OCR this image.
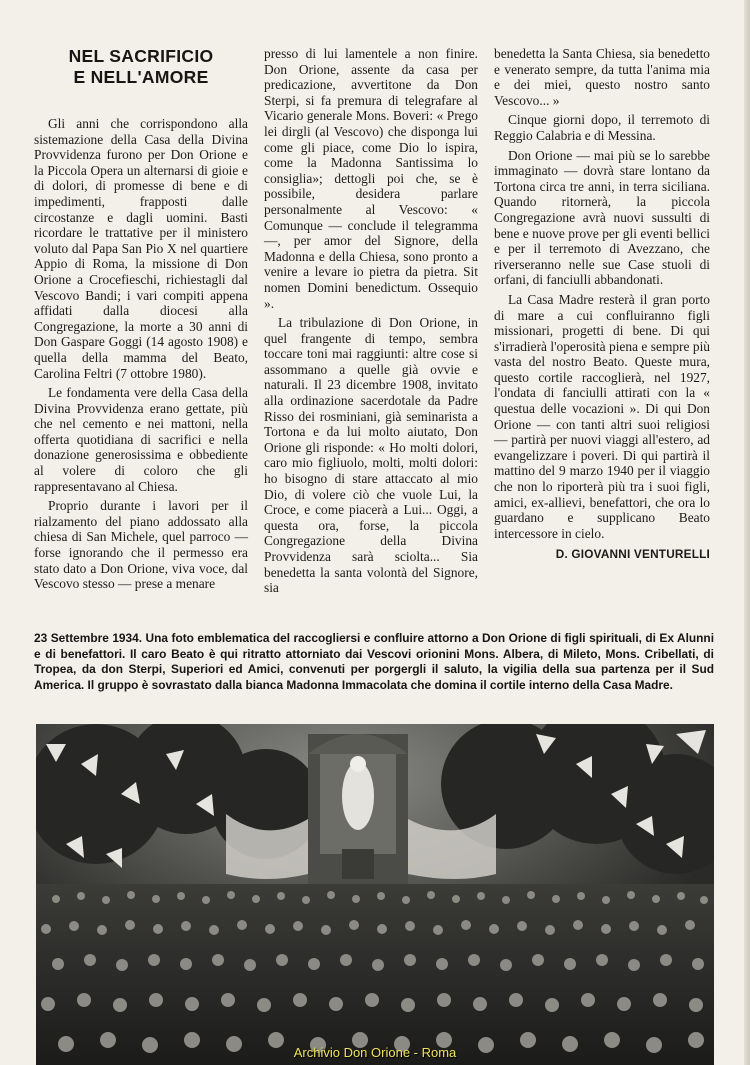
NEL SACRIFICIO
E NELL'AMORE

Gli anni che corrispondono alla sistemazione della Casa della Divina Provvidenza furono per Don Orione e la Piccola Opera un alternarsi di gioie e di dolori, di promesse di bene e di impedimenti, frapposti dalle circostanze e dagli uomini. Basti ricordare le trattative per il ministero voluto dal Papa San Pio X nel quartiere Appio di Roma, la missione di Don Orione a Crocefieschi, richiestagli dal Vescovo Bandi; i vari compiti appena affidati dalla diocesi alla Congregazione, la morte a 30 anni di Don Gaspare Goggi (14 agosto 1908) e quella della mamma del Beato, Carolina Feltri (7 ottobre 1980).

Le fondamenta vere della Casa della Divina Provvidenza erano gettate, più che nel cemento e nei mattoni, nella offerta quotidiana di sacrifici e nella donazione generosissima e obbediente al volere di coloro che gli rappresentavano al Chiesa.

Proprio durante i lavori per il rialzamento del piano addossato alla chiesa di San Michele, quel parroco — forse ignorando che il permesso era stato dato a Don Orione, viva voce, dal Vescovo stesso — prese a menare

presso di lui lamentele a non finire. Don Orione, assente da casa per predicazione, avvertitone da Don Sterpi, si fa premura di telegrafare al Vicario generale Mons. Boveri: « Prego lei dirgli (al Vescovo) che disponga lui come gli piace, come Dio lo ispira, come la Madonna Santissima lo consiglia»; dettogli poi che, se è possibile, desidera parlare personalmente al Vescovo: « Comunque — conclude il telegramma —, per amor del Signore, della Madonna e della Chiesa, sono pronto a venire a levare io pietra da pietra. Sit nomen Domini benedictum. Ossequio ».

La tribulazione di Don Orione, in quel frangente di tempo, sembra toccare toni mai raggiunti: altre cose si assommano a quelle già ovvie e naturali. Il 23 dicembre 1908, invitato alla ordinazione sacerdotale da Padre Risso dei rosminiani, già seminarista a Tortona e da lui molto aiutato, Don Orione gli risponde: « Ho molti dolori, caro mio figliuolo, molti, molti dolori: ho bisogno di stare attaccato al mio Dio, di volere ciò che vuole Lui, la Croce, e come piacerà a Lui... Oggi, a questa ora, forse, la piccola Congregazione della Divina Provvidenza sarà sciolta... Sia benedetta la santa volontà del Signore, sia

benedetta la Santa Chiesa, sia benedetto e venerato sempre, da tutta l'anima mia e dei miei, questo nostro santo Vescovo... »

Cinque giorni dopo, il terremoto di Reggio Calabria e di Messina.

Don Orione — mai più se lo sarebbe immaginato — dovrà stare lontano da Tortona circa tre anni, in terra siciliana. Quando ritornerà, la piccola Congregazione avrà nuovi sussulti di bene e nuove prove per gli eventi bellici e per il terremoto di Avezzano, che riverseranno nelle sue Case stuoli di orfani, di fanciulli abbandonati.

La Casa Madre resterà il gran porto di mare a cui confluiranno figli missionari, progetti di bene. Di qui s'irradierà l'operosità piena e sempre più vasta del nostro Beato. Queste mura, questo cortile raccoglierà, nel 1927, l'ondata di fanciulli attirati con la « questua delle vocazioni ». Di qui Don Orione — con tanti altri suoi religiosi — partirà per nuovi viaggi all'estero, ad evangelizzare i poveri. Di qui partirà il mattino del 9 marzo 1940 per il viaggio che non lo riporterà più tra i suoi figli, amici, ex-allievi, benefattori, che ora lo guardano e supplicano Beato intercessore in cielo.

D. GIOVANNI VENTURELLI
23 Settembre 1934. Una foto emblematica del raccogliersi e confluire attorno a Don Orione di figli spirituali, di Ex Alunni e di benefattori. Il caro Beato è qui ritratto attorniato dai Vescovi orionini Mons. Albera, di Mileto, Mons. Cribellati, di Tropea, da don Sterpi, Superiori ed Amici, convenuti per porgergli il saluto, la vigilia della sua partenza per il Sud America. Il gruppo è sovrastato dalla bianca Madonna Immacolata che domina il cortile interno della Casa Madre.
Archivio Don Orione - Roma
